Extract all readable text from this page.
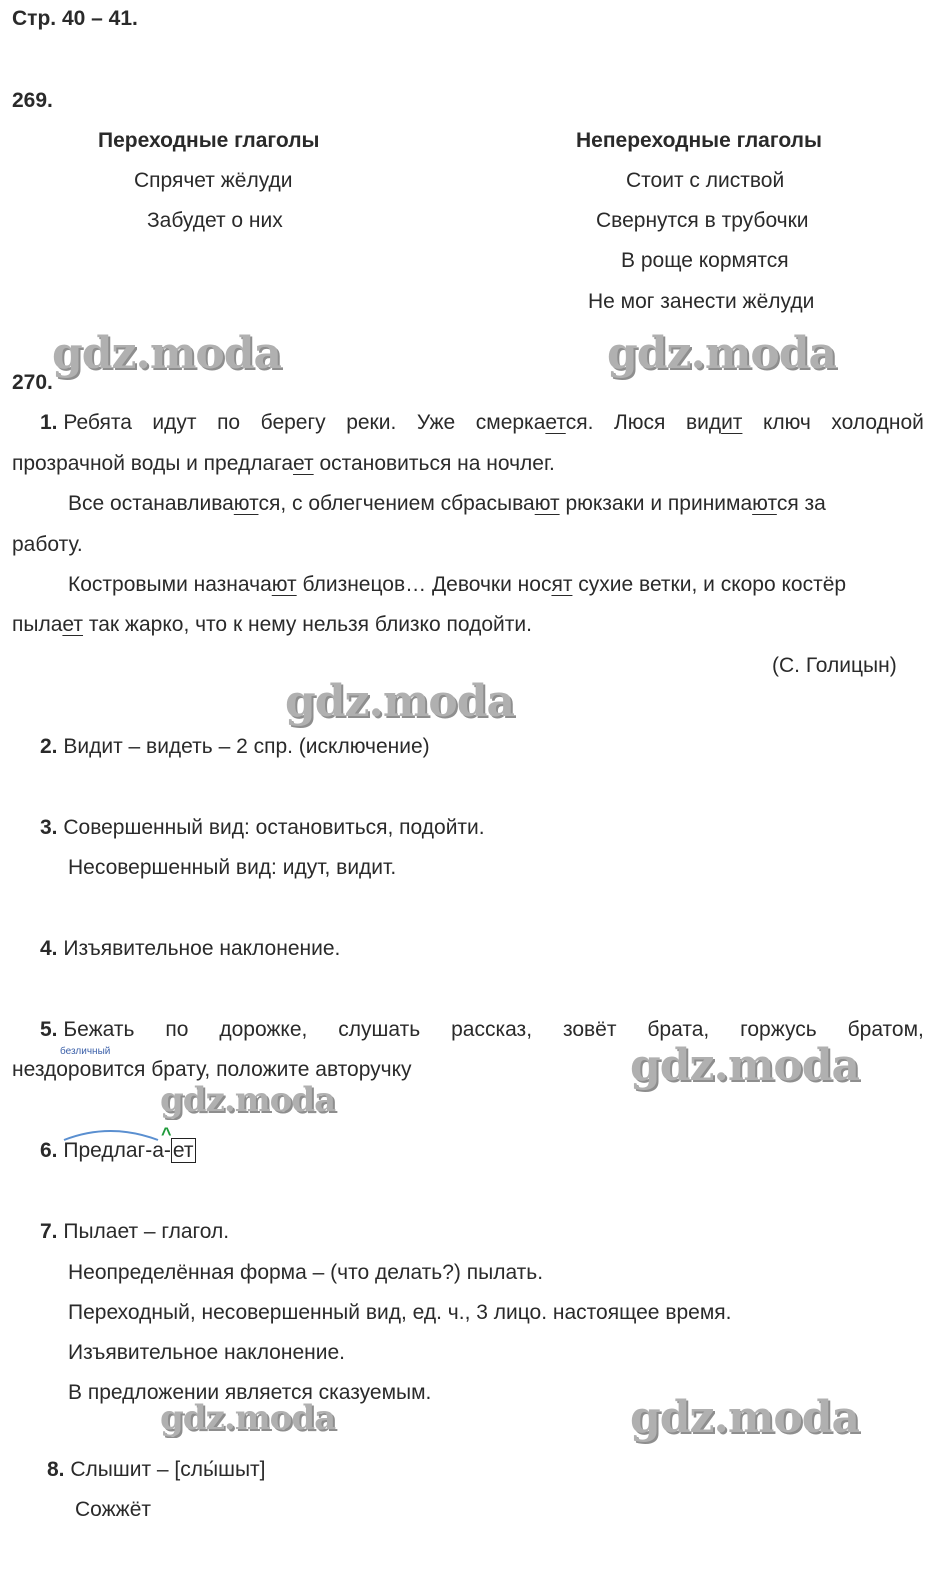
Стр. 40 – 41.
269.
Переходные глаголы
Спрячет жёлуди
Забудет о них
Непереходные глаголы
Стоит с листвой
Свернутся в трубочки
В роще кормятся
Не мог занести жёлуди
270.
1. Ребята идут по берегу реки. Уже смеркается. Люся видит ключ холодной
прозрачной воды и предлагает остановиться на ночлег.
Все останавливаются, с облегчением сбрасывают рюкзаки и принимаются за
работу.
Костровыми назначают близнецов… Девочки носят сухие ветки, и скоро костёр
пылает так жарко, что к нему нельзя близко подойти.
(С. Голицын)
2. Видит – видеть – 2 спр. (исключение)
3. Совершенный вид: остановиться, подойти.
Несовершенный вид: идут, видит.
4. Изъявительное наклонение.
5. Бежать по дорожке, слушать рассказ, зовёт брата, горжусь братом,
безличный
нездоровится брату, положите авторучку
^
6. Предлаг-а-ет
7. Пылает – глагол.
Неопределённая форма – (что делать?) пылать.
Переходный, несовершенный вид, ед. ч., 3 лицо. настоящее время.
Изъявительное наклонение.
В предложении является сказуемым.
8. Слышит – [слы́шыт]
Сожжёт
gdz.moda	gdz.moda
gdz.moda
gdz.moda
gdz.moda
gdz.moda	gdz.moda
